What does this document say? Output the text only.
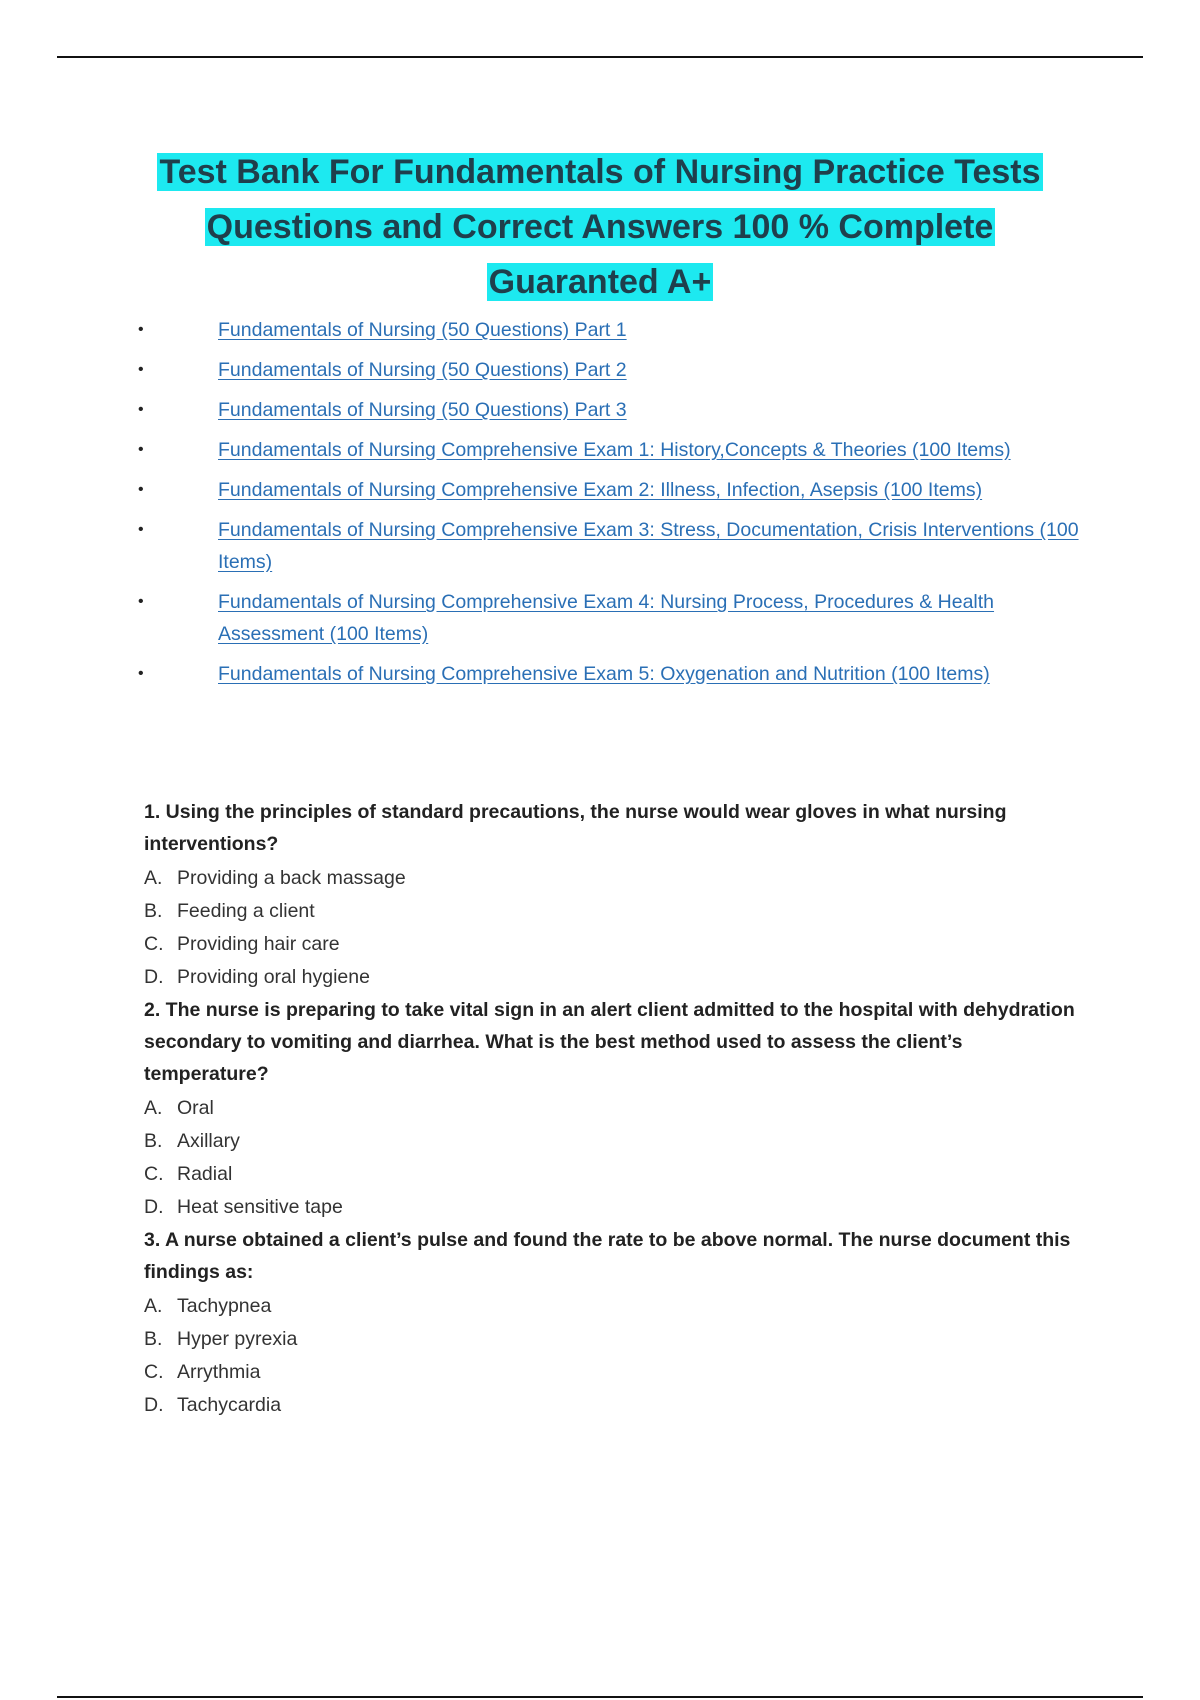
Test Bank For Fundamentals of Nursing Practice Tests
Questions and Correct Answers 100 % Complete
Guaranted A+
•	Fundamentals of Nursing (50 Questions) Part 1
•	Fundamentals of Nursing (50 Questions) Part 2
•	Fundamentals of Nursing (50 Questions) Part 3
•	Fundamentals of Nursing Comprehensive Exam 1: History,Concepts & Theories (100 Items)
•	Fundamentals of Nursing Comprehensive Exam 2: Illness, Infection, Asepsis (100 Items)
•	Fundamentals of Nursing Comprehensive Exam 3: Stress, Documentation, Crisis Interventions (100 Items)
•	Fundamentals of Nursing Comprehensive Exam 4: Nursing Process, Procedures & Health Assessment (100 Items)
•	Fundamentals of Nursing Comprehensive Exam 5: Oxygenation and Nutrition (100 Items)

1. Using the principles of standard precautions, the nurse would wear gloves in what nursing interventions?

A. Providing a back massage
B. Feeding a client
C. Providing hair care
D. Providing oral hygiene

2. The nurse is preparing to take vital sign in an alert client admitted to the hospital with dehydration secondary to vomiting and diarrhea. What is the best method used to assess the client’s temperature?

A. Oral
B. Axillary
C. Radial
D. Heat sensitive tape

3. A nurse obtained a client’s pulse and found the rate to be above normal. The nurse document this findings as:

A. Tachypnea
B. Hyper pyrexia
C. Arrythmia
D. Tachycardia
